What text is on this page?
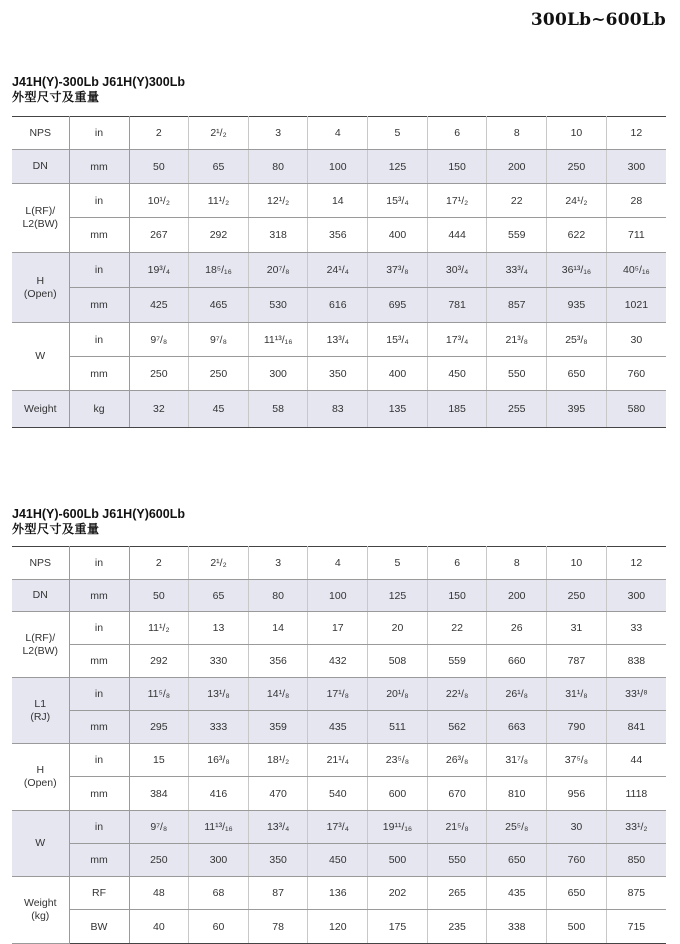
300Lb~600Lb
J41H(Y)-300Lb J61H(Y)300Lb
外型尺寸及重量
NPS	in	2	2¹/₂	3	4	5	6	8	10	12
DN	mm	50	65	80	100	125	150	200	250	300
L(RF)/
L2(BW)	in	10¹/₂	11¹/₂	12¹/₂	14	15³/₄	17¹/₂	22	24¹/₂	28
	mm	267	292	318	356	400	444	559	622	711
H
(Open)	in	19³/₄	18⁵/₁₆	20⁷/₈	24¹/₄	37³/₈	30³/₄	33³/₄	36¹³/₁₆	40⁵/₁₆
	mm	425	465	530	616	695	781	857	935	1021
W	in	9⁷/₈	9⁷/₈	11¹³/₁₆	13³/₄	15³/₄	17³/₄	21³/₈	25³/₈	30
	mm	250	250	300	350	400	450	550	650	760
Weight	kg	32	45	58	83	135	185	255	395	580
J41H(Y)-600Lb J61H(Y)600Lb
外型尺寸及重量
NPS	in	2	2¹/₂	3	4	5	6	8	10	12
DN	mm	50	65	80	100	125	150	200	250	300
L(RF)/
L2(BW)	in	11¹/₂	13	14	17	20	22	26	31	33
	mm	292	330	356	432	508	559	660	787	838
L1
(RJ)	in	11⁵/₈	13¹/₈	14¹/₈	17¹/₈	20¹/₈	22¹/₈	26¹/₈	31¹/₈	33¹/⁸
	mm	295	333	359	435	511	562	663	790	841
H
(Open)	in	15	16³/₈	18¹/₂	21¹/₄	23⁵/₈	26³/₈	31⁷/₈	37⁵/₈	44
	mm	384	416	470	540	600	670	810	956	1118
W	in	9⁷/₈	11¹³/₁₆	13³/₄	17³/₄	19¹¹/₁₆	21⁵/₈	25⁵/₈	30	33¹/₂
	mm	250	300	350	450	500	550	650	760	850
Weight
(kg)	RF	48	68	87	136	202	265	435	650	875
	BW	40	60	78	120	175	235	338	500	715
